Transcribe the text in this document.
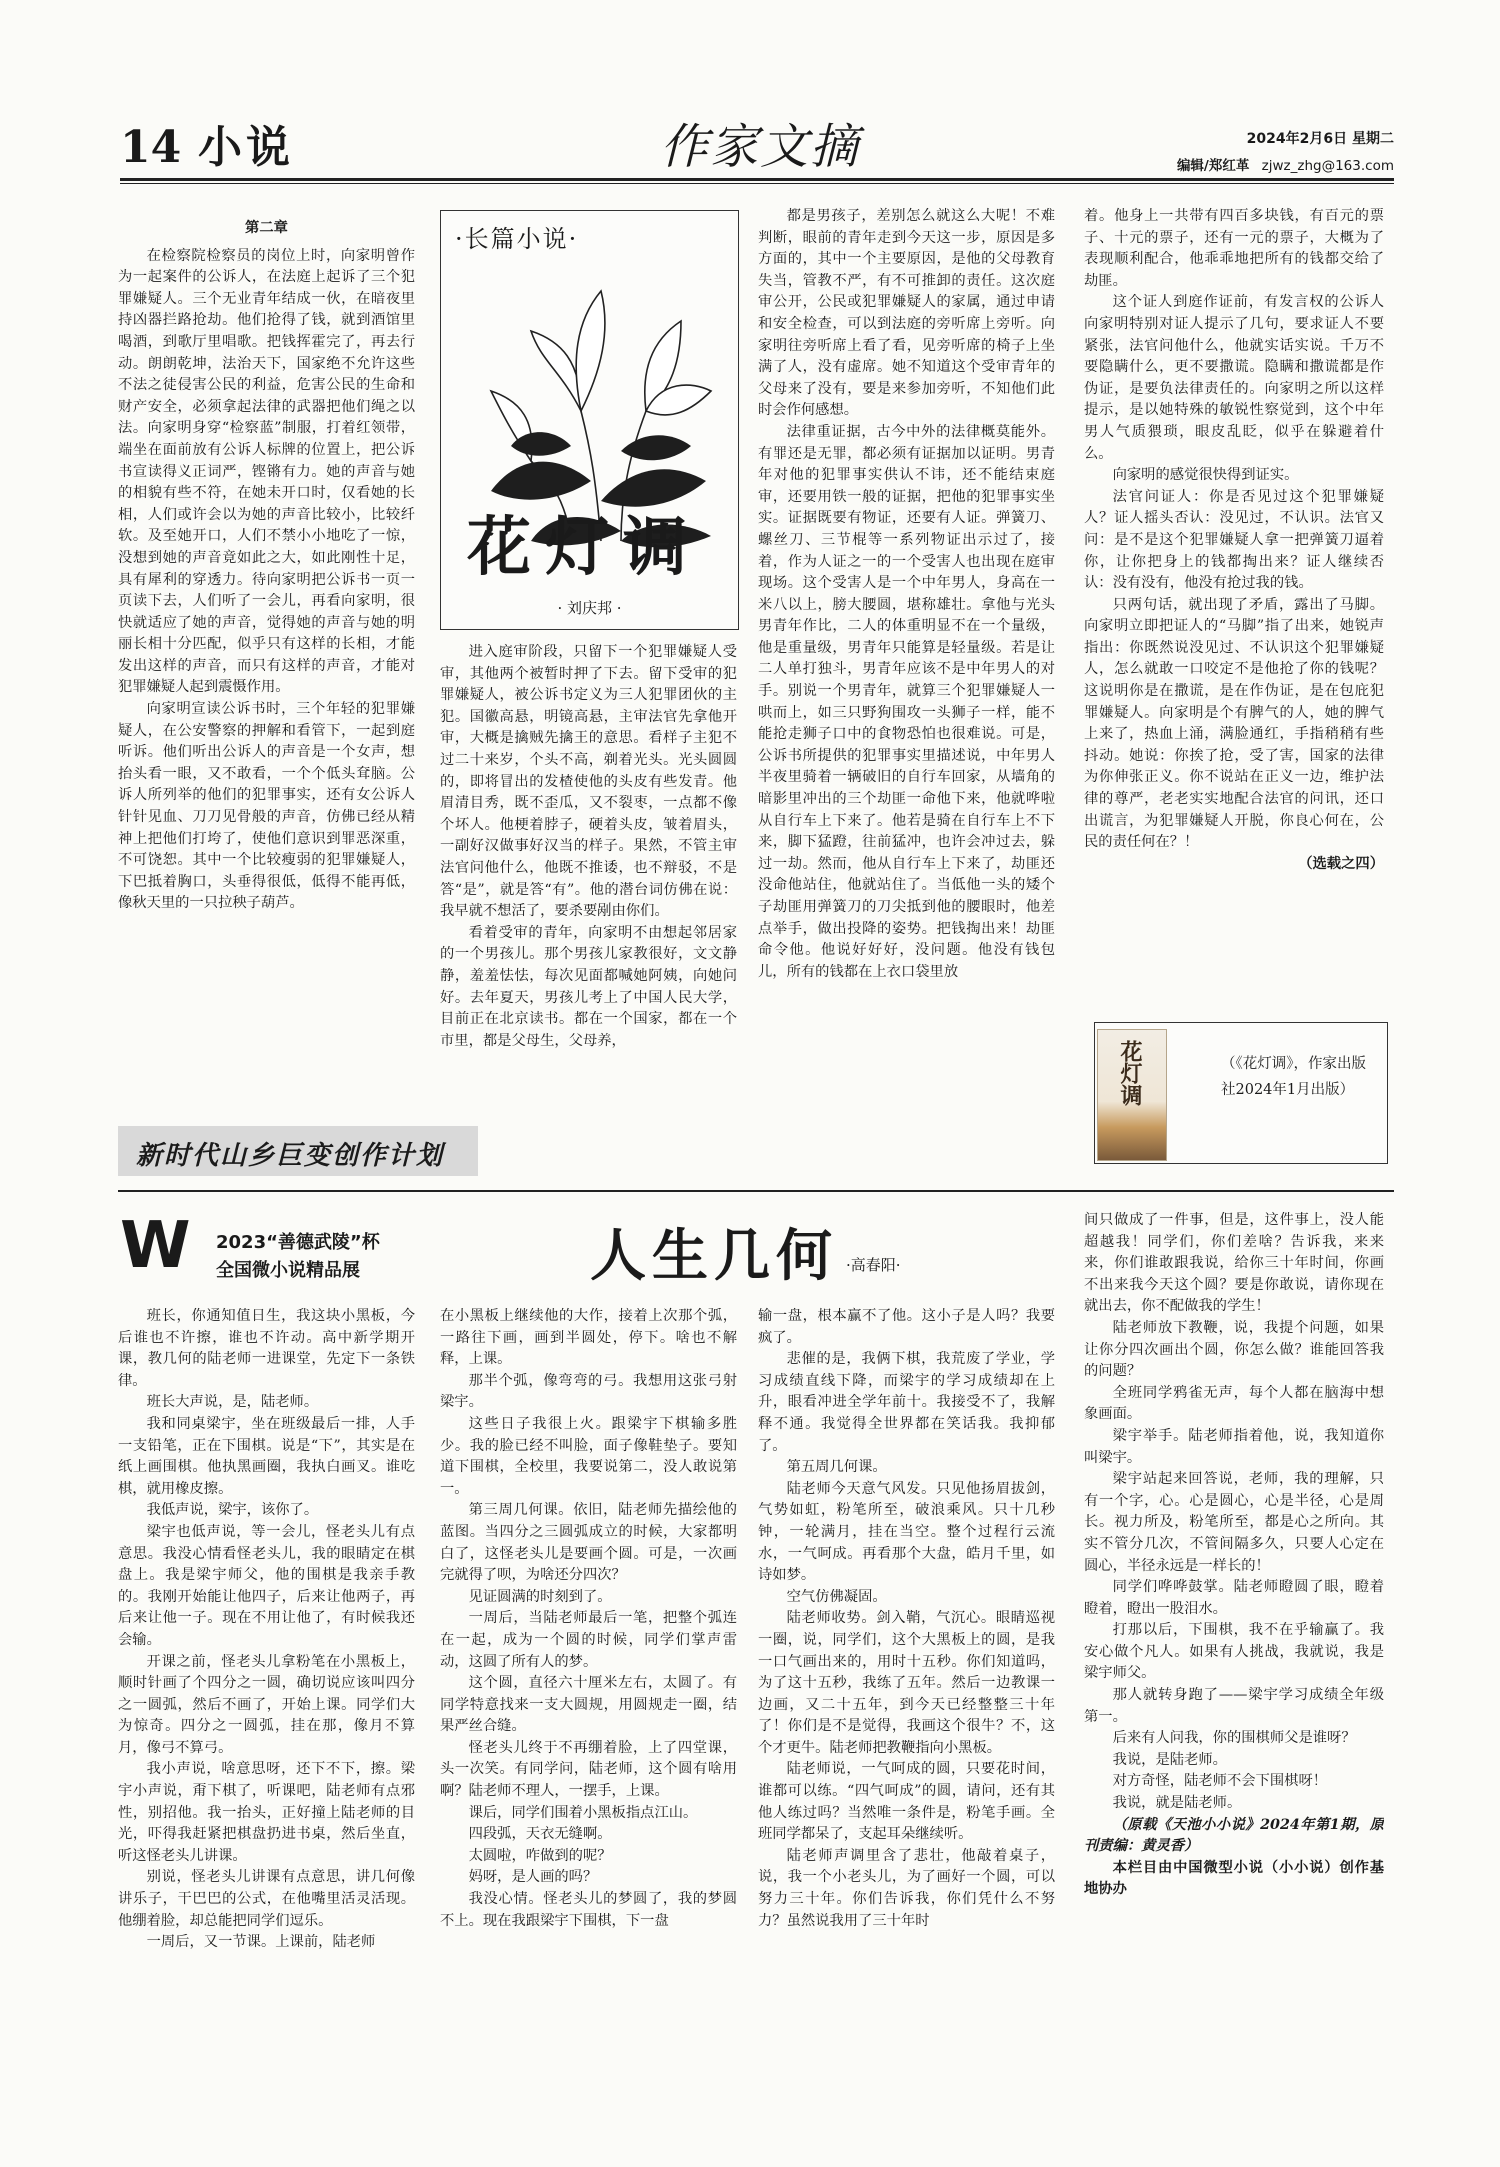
14 小说	作家文摘	2024年2月6日 星期二
编辑/郑红革 zjwz_zhg@163.com

第二章

在检察院检察员的岗位上时，向家明曾作为一起案件的公诉人，在法庭上起诉了三个犯罪嫌疑人。三个无业青年结成一伙，在暗夜里持凶器拦路抢劫。他们抢得了钱，就到酒馆里喝酒，到歌厅里唱歌。把钱挥霍完了，再去行动。朗朗乾坤，法治天下，国家绝不允许这些不法之徒侵害公民的利益，危害公民的生命和财产安全，必须拿起法律的武器把他们绳之以法。向家明身穿“检察蓝”制服，打着红领带，端坐在面前放有公诉人标牌的位置上，把公诉书宣读得义正词严，铿锵有力。她的声音与她的相貌有些不符，在她未开口时，仅看她的长相，人们或许会以为她的声音比较小，比较纤软。及至她开口，人们不禁小小地吃了一惊，没想到她的声音竟如此之大，如此刚性十足，具有犀利的穿透力。待向家明把公诉书一页一页读下去，人们听了一会儿，再看向家明，很快就适应了她的声音，觉得她的声音与她的明丽长相十分匹配，似乎只有这样的长相，才能发出这样的声音，而只有这样的声音，才能对犯罪嫌疑人起到震慑作用。

向家明宣读公诉书时，三个年轻的犯罪嫌疑人，在公安警察的押解和看管下，一起到庭听诉。他们听出公诉人的声音是一个女声，想抬头看一眼，又不敢看，一个个低头耷脑。公诉人所列举的他们的犯罪事实，还有女公诉人针针见血、刀刀见骨般的声音，仿佛已经从精神上把他们打垮了，使他们意识到罪恶深重，不可饶恕。其中一个比较瘦弱的犯罪嫌疑人，下巴抵着胸口，头垂得很低，低得不能再低，像秋天里的一只拉秧子葫芦。

·长篇小说·
花灯调
· 刘庆邦 ·

进入庭审阶段，只留下一个犯罪嫌疑人受审，其他两个被暂时押了下去。留下受审的犯罪嫌疑人，被公诉书定义为三人犯罪团伙的主犯。国徽高悬，明镜高悬，主审法官先拿他开审，大概是擒贼先擒王的意思。看样子主犯不过二十来岁，个头不高，剃着光头。光头圆圆的，即将冒出的发楂使他的头皮有些发青。他眉清目秀，既不歪瓜，又不裂枣，一点都不像个坏人。他梗着脖子，硬着头皮，皱着眉头，一副好汉做事好汉当的样子。果然，不管主审法官问他什么，他既不推诿，也不辩驳，不是答“是”，就是答“有”。他的潜台词仿佛在说：我早就不想活了，要杀要剐由你们。

看着受审的青年，向家明不由想起邻居家的一个男孩儿。那个男孩儿家教很好，文文静静，羞羞怯怯，每次见面都喊她阿姨，向她问好。去年夏天，男孩儿考上了中国人民大学，目前正在北京读书。都在一个国家，都在一个市里，都是父母生，父母养，

都是男孩子，差别怎么就这么大呢！不难判断，眼前的青年走到今天这一步，原因是多方面的，其中一个主要原因，是他的父母教育失当，管教不严，有不可推卸的责任。这次庭审公开，公民或犯罪嫌疑人的家属，通过申请和安全检查，可以到法庭的旁听席上旁听。向家明往旁听席上看了看，见旁听席的椅子上坐满了人，没有虚席。她不知道这个受审青年的父母来了没有，要是来参加旁听，不知他们此时会作何感想。

法律重证据，古今中外的法律概莫能外。有罪还是无罪，都必须有证据加以证明。男青年对他的犯罪事实供认不讳，还不能结束庭审，还要用铁一般的证据，把他的犯罪事实坐实。证据既要有物证，还要有人证。弹簧刀、螺丝刀、三节棍等一系列物证出示过了，接着，作为人证之一的一个受害人也出现在庭审现场。这个受害人是一个中年男人，身高在一米八以上，膀大腰圆，堪称雄壮。拿他与光头男青年作比，二人的体重明显不在一个量级，他是重量级，男青年只能算是轻量级。若是让二人单打独斗，男青年应该不是中年男人的对手。别说一个男青年，就算三个犯罪嫌疑人一哄而上，如三只野狗围攻一头狮子一样，能不能抢走狮子口中的食物恐怕也很难说。可是，公诉书所提供的犯罪事实里描述说，中年男人半夜里骑着一辆破旧的自行车回家，从墙角的暗影里冲出的三个劫匪一命他下来，他就哗啦从自行车上下来了。他若是骑在自行车上不下来，脚下猛蹬，往前猛冲，也许会冲过去，躲过一劫。然而，他从自行车上下来了，劫匪还没命他站住，他就站住了。当低他一头的矮个子劫匪用弹簧刀的刀尖抵到他的腰眼时，他差点举手，做出投降的姿势。把钱掏出来！劫匪命令他。他说好好好，没问题。他没有钱包儿，所有的钱都在上衣口袋里放

着。他身上一共带有四百多块钱，有百元的票子、十元的票子，还有一元的票子，大概为了表现顺利配合，他乖乖地把所有的钱都交给了劫匪。

这个证人到庭作证前，有发言权的公诉人向家明特别对证人提示了几句，要求证人不要紧张，法官问他什么，他就实话实说。千万不要隐瞒什么，更不要撒谎。隐瞒和撒谎都是作伪证，是要负法律责任的。向家明之所以这样提示，是以她特殊的敏锐性察觉到，这个中年男人气质猥琐，眼皮乱眨，似乎在躲避着什么。

向家明的感觉很快得到证实。

法官问证人：你是否见过这个犯罪嫌疑人？证人摇头否认：没见过，不认识。法官又问：是不是这个犯罪嫌疑人拿一把弹簧刀逼着你，让你把身上的钱都掏出来？证人继续否认：没有没有，他没有抢过我的钱。

只两句话，就出现了矛盾，露出了马脚。向家明立即把证人的“马脚”指了出来，她锐声指出：你既然说没见过、不认识这个犯罪嫌疑人，怎么就敢一口咬定不是他抢了你的钱呢？这说明你是在撒谎，是在作伪证，是在包庇犯罪嫌疑人。向家明是个有脾气的人，她的脾气上来了，热血上涌，满脸通红，手指稍稍有些抖动。她说：你挨了抢，受了害，国家的法律为你伸张正义。你不说站在正义一边，维护法律的尊严，老老实实地配合法官的问讯，还口出谎言，为犯罪嫌疑人开脱，你良心何在，公民的责任何在？！

（选载之四）

花灯调	（《花灯调》，作家出版社2024年1月出版）
新时代山乡巨变创作计划
W 2023“善德武陵”杯
全国微小说精品展	人生几何 ·高春阳·

班长，你通知值日生，我这块小黑板，今后谁也不许擦，谁也不许动。高中新学期开课，教几何的陆老师一进课堂，先定下一条铁律。

班长大声说，是，陆老师。

我和同桌梁宇，坐在班级最后一排，人手一支铅笔，正在下围棋。说是“下”，其实是在纸上画围棋。他执黑画圈，我执白画叉。谁吃棋，就用橡皮擦。

我低声说，梁宇，该你了。

梁宇也低声说，等一会儿，怪老头儿有点意思。我没心情看怪老头儿，我的眼睛定在棋盘上。我是梁宇师父，他的围棋是我亲手教的。我刚开始能让他四子，后来让他两子，再后来让他一子。现在不用让他了，有时候我还会输。

开课之前，怪老头儿拿粉笔在小黑板上，顺时针画了个四分之一圆，确切说应该叫四分之一圆弧，然后不画了，开始上课。同学们大为惊奇。四分之一圆弧，挂在那，像月不算月，像弓不算弓。

我小声说，啥意思呀，还下不下，擦。梁宇小声说，甭下棋了，听课吧，陆老师有点邪性，别招他。我一抬头，正好撞上陆老师的目光，吓得我赶紧把棋盘扔进书桌，然后坐直，听这怪老头儿讲课。

别说，怪老头儿讲课有点意思，讲几何像讲乐子，干巴巴的公式，在他嘴里活灵活现。他绷着脸，却总能把同学们逗乐。

一周后，又一节课。上课前，陆老师

在小黑板上继续他的大作，接着上次那个弧，一路往下画，画到半圆处，停下。啥也不解释，上课。

那半个弧，像弯弯的弓。我想用这张弓射梁宇。

这些日子我很上火。跟梁宇下棋输多胜少。我的脸已经不叫脸，面子像鞋垫子。要知道下围棋，全校里，我要说第二，没人敢说第一。

第三周几何课。依旧，陆老师先描绘他的蓝图。当四分之三圆弧成立的时候，大家都明白了，这怪老头儿是要画个圆。可是，一次画完就得了呗，为啥还分四次？

见证圆满的时刻到了。

一周后，当陆老师最后一笔，把整个弧连在一起，成为一个圆的时候，同学们掌声雷动，这圆了所有人的梦。

这个圆，直径六十厘米左右，太圆了。有同学特意找来一支大圆规，用圆规走一圈，结果严丝合缝。

怪老头儿终于不再绷着脸，上了四堂课，头一次笑。有同学问，陆老师，这个圆有啥用啊？陆老师不理人，一摆手，上课。

课后，同学们围着小黑板指点江山。

四段弧，天衣无缝啊。

太圆啦，咋做到的呢？

妈呀，是人画的吗？

我没心情。怪老头儿的梦圆了，我的梦圆不上。现在我跟梁宇下围棋，下一盘

输一盘，根本赢不了他。这小子是人吗？我要疯了。

悲催的是，我俩下棋，我荒废了学业，学习成绩直线下降，而梁宇的学习成绩却在上升，眼看冲进全学年前十。我接受不了，我解释不通。我觉得全世界都在笑话我。我抑郁了。

第五周几何课。

陆老师今天意气风发。只见他扬眉拔剑，气势如虹，粉笔所至，破浪乘风。只十几秒钟，一轮满月，挂在当空。整个过程行云流水，一气呵成。再看那个大盘，皓月千里，如诗如梦。

空气仿佛凝固。

陆老师收势。剑入鞘，气沉心。眼睛巡视一圈，说，同学们，这个大黑板上的圆，是我一口气画出来的，用时十五秒。你们知道吗，为了这十五秒，我练了五年。然后一边教课一边画，又二十五年，到今天已经整整三十年了！你们是不是觉得，我画这个很牛？不，这个才更牛。陆老师把教鞭指向小黑板。

陆老师说，一气呵成的圆，只要花时间，谁都可以练。“四气呵成”的圆，请问，还有其他人练过吗？当然唯一条件是，粉笔手画。全班同学都呆了，支起耳朵继续听。

陆老师声调里含了悲壮，他敲着桌子，说，我一个小老头儿，为了画好一个圆，可以努力三十年。你们告诉我，你们凭什么不努力？虽然说我用了三十年时

间只做成了一件事，但是，这件事上，没人能超越我！同学们，你们差啥？告诉我，来来来，你们谁敢跟我说，给你三十年时间，你画不出来我今天这个圆？要是你敢说，请你现在就出去，你不配做我的学生！

陆老师放下教鞭，说，我提个问题，如果让你分四次画出个圆，你怎么做？谁能回答我的问题？

全班同学鸦雀无声，每个人都在脑海中想象画面。

梁宇举手。陆老师指着他，说，我知道你叫梁宇。

梁宇站起来回答说，老师，我的理解，只有一个字，心。心是圆心，心是半径，心是周长。视力所及，粉笔所至，都是心之所向。其实不管分几次，不管间隔多久，只要人心定在圆心，半径永远是一样长的！

同学们哗哗鼓掌。陆老师瞪圆了眼，瞪着瞪着，瞪出一股泪水。

打那以后，下围棋，我不在乎输赢了。我安心做个凡人。如果有人挑战，我就说，我是梁宇师父。

那人就转身跑了——梁宇学习成绩全年级第一。

后来有人问我，你的围棋师父是谁呀？

我说，是陆老师。

对方奇怪，陆老师不会下围棋呀！

我说，就是陆老师。

（原载《天池小小说》2024年第1期，原刊责编：黄灵香）

本栏目由中国微型小说（小小说）创作基地协办
